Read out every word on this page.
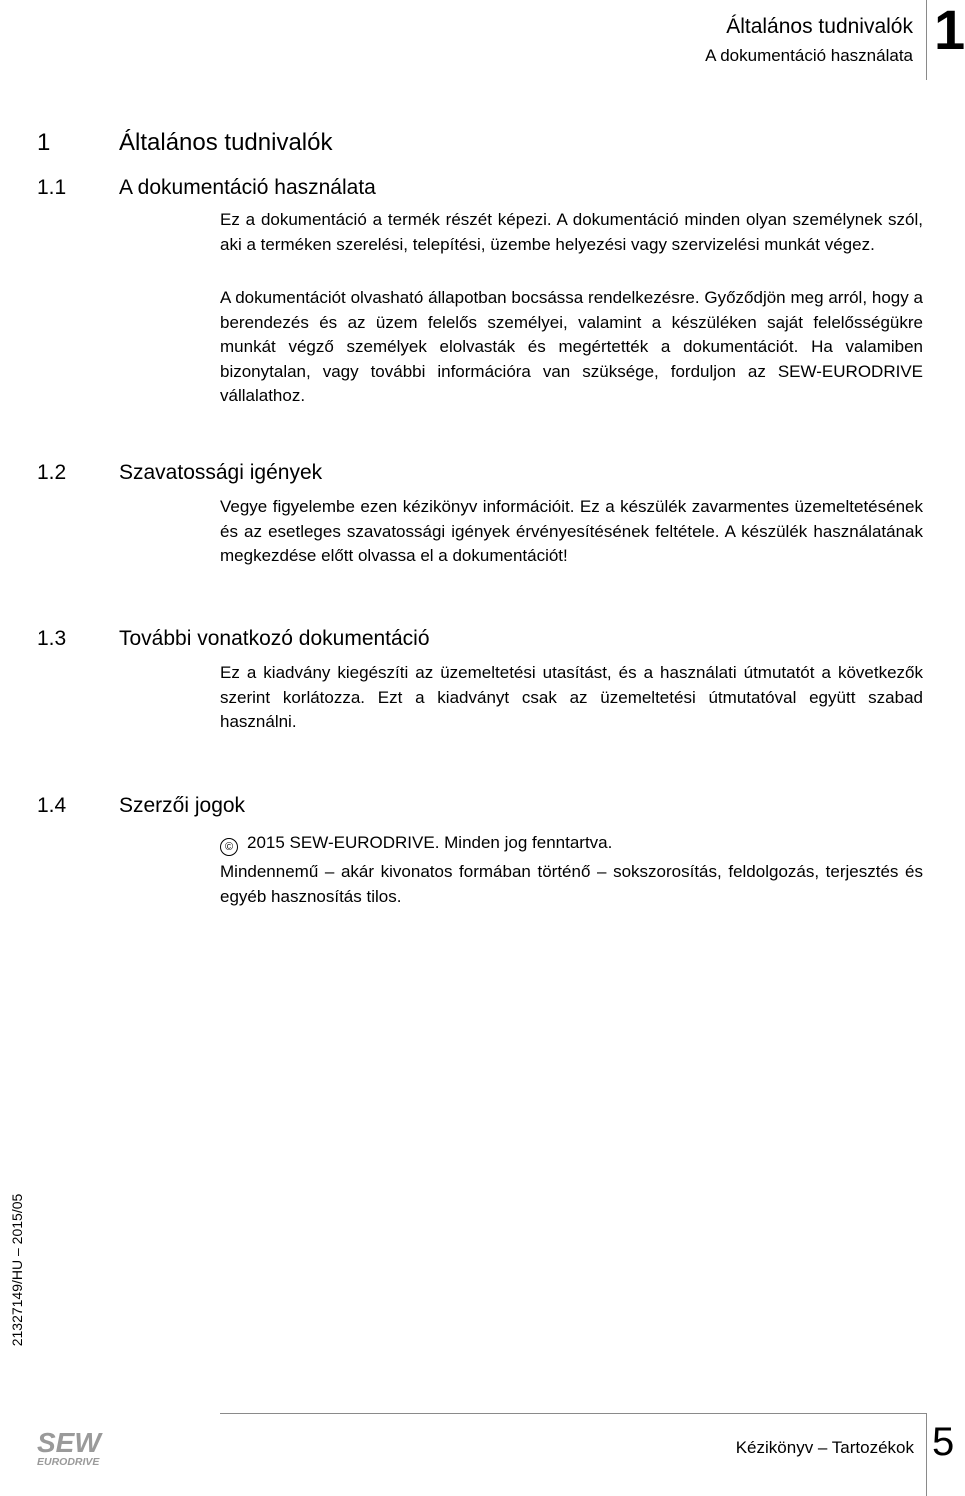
Általános tudnivalók
A dokumentáció használata 1
1	Általános tudnivalók
1.1	A dokumentáció használata

Ez a dokumentáció a termék részét képezi. A dokumentáció minden olyan személynek szól, aki a terméken szerelési, telepítési, üzembe helyezési vagy szervizelési munkát végez.

A dokumentációt olvasható állapotban bocsássa rendelkezésre. Győződjön meg arról, hogy a berendezés és az üzem felelős személyei, valamint a készüléken saját felelősségükre munkát végző személyek elolvasták és megértették a dokumentációt. Ha valamiben bizonytalan, vagy további információra van szüksége, forduljon az SEW-EURODRIVE vállalathoz.

1.2	Szavatossági igények

Vegye figyelembe ezen kézikönyv információit. Ez a készülék zavarmentes üzemeltetésének és az esetleges szavatossági igények érvényesítésének feltétele. A készülék használatának megkezdése előtt olvassa el a dokumentációt!

1.3	További vonatkozó dokumentáció

Ez a kiadvány kiegészíti az üzemeltetési utasítást, és a használati útmutatót a következők szerint korlátozza. Ezt a kiadványt csak az üzemeltetési útmutatóval együtt szabad használni.

1.4	Szerzői jogok
© 2015 SEW-EURODRIVE. Minden jog fenntartva.

Mindennemű – akár kivonatos formában történő – sokszorosítás, feldolgozás, terjesztés és egyéb hasznosítás tilos.

21327149/HU – 2015/05
SEW
EURODRIVE
Kézikönyv – Tartozékok 5
